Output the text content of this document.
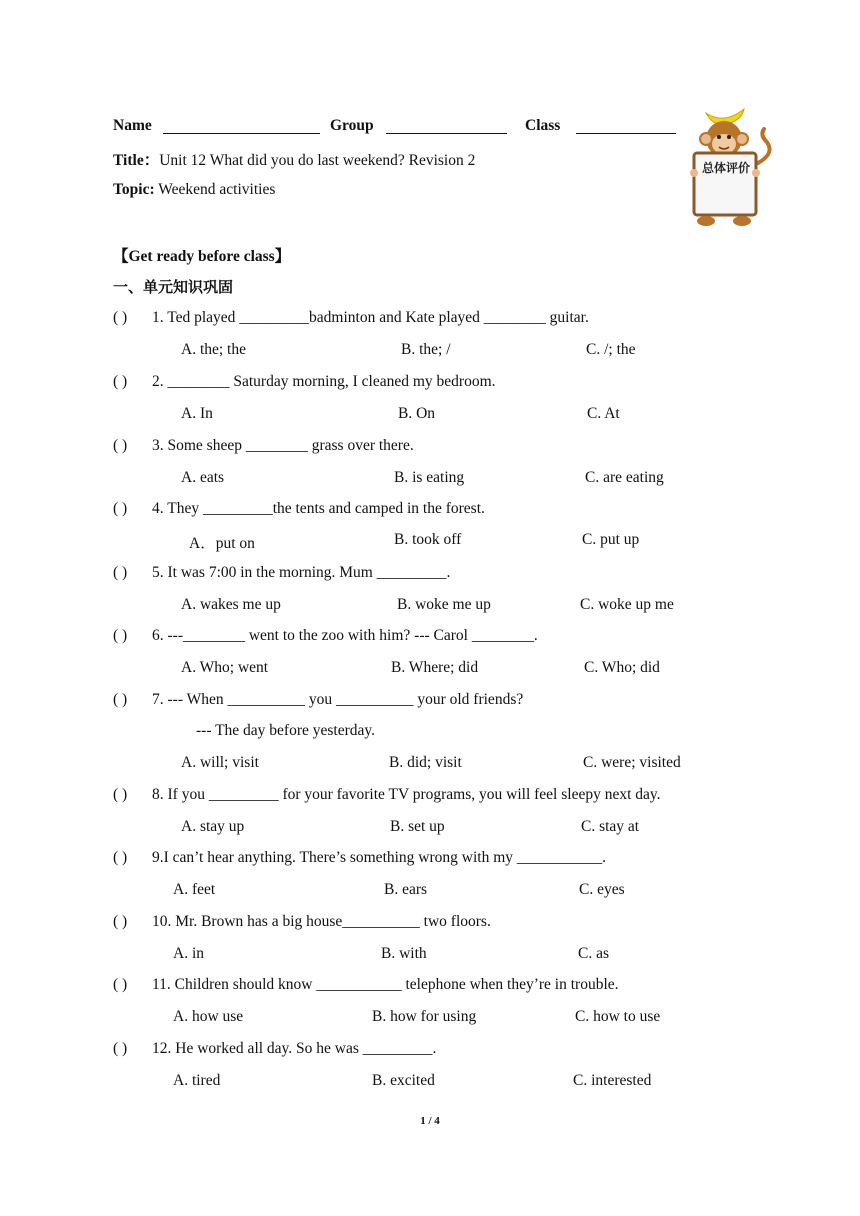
Name	Group	Class
Title：Unit 12 What did you do last weekend? Revision 2
Topic: Weekend activities
总体评价
【Get ready before class】
一、单元知识巩固
( ) 1. Ted played _________badminton and Kate played ________ guitar.
A. the; the	B. the; /	C. /; the
( ) 2. ________ Saturday morning, I cleaned my bedroom.
A. In	B. On	C. At
( ) 3. Some sheep ________ grass over there.
A. eats	B. is eating	C. are eating
( ) 4. They _________the tents and camped in the forest.
A．put on	B. took off	C. put up
( ) 5. It was 7:00 in the morning. Mum _________.
A. wakes me up	B. woke me up	C. woke up me
( ) 6. ---________ went to the zoo with him? --- Carol ________.
A. Who; went	B. Where; did	C. Who; did
( ) 7. --- When __________ you __________ your old friends?
--- The day before yesterday.
A. will; visit	B. did; visit	C. were; visited
( ) 8. If you _________ for your favorite TV programs, you will feel sleepy next day.
A. stay up	B. set up	C. stay at
( ) 9.I can’t hear anything. There’s something wrong with my ___________.
A. feet	B. ears	C. eyes
( ) 10. Mr. Brown has a big house__________ two floors.
A. in	B. with	C. as
( ) 11. Children should know ___________ telephone when they’re in trouble.
A. how use	B. how for using	C. how to use
( ) 12. He worked all day. So he was _________.
A. tired	B. excited	C. interested
1 / 4
